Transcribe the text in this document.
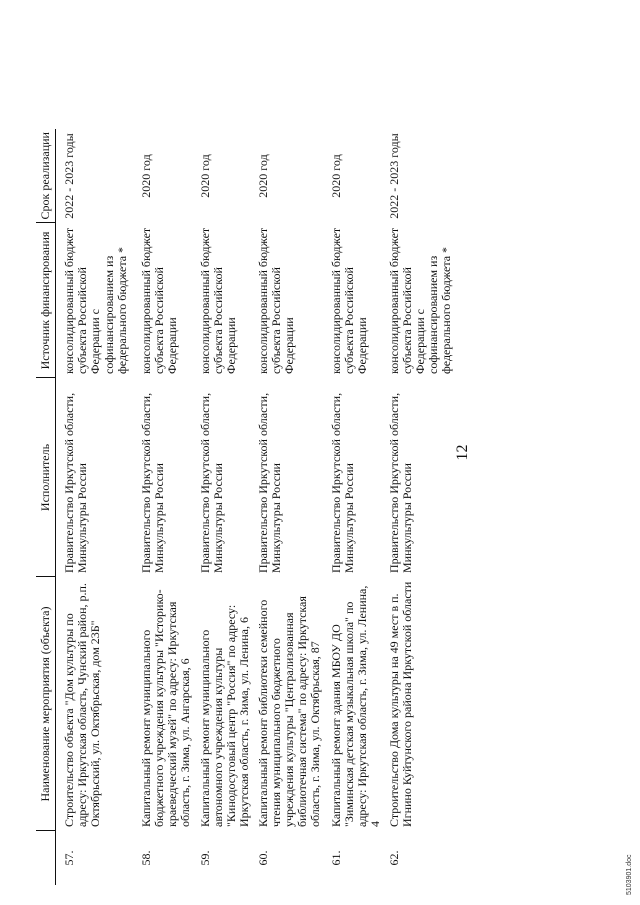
12
	Наименование мероприятия (объекта)	Исполнитель	Источник финансирования	Срок реализации
57.	Строительство объекта "Дом культуры по адресу: Иркутская область, Чунский район, р.п. Октябрьский, ул. Октябрьская, дом 23Б"	Правительство Иркутской области, Минкультуры России	консолидированный бюджет субъекта Российской Федерации с софинансированием из федерального бюджета *	2022 - 2023 годы
58.	Капитальный ремонт муниципального бюджетного учреждения культуры "Историко-краеведческий музей" по адресу: Иркутская область, г. Зима, ул. Ангарская, 6	Правительство Иркутской области, Минкультуры России	консолидированный бюджет субъекта Российской Федерации	2020 год
59.	Капитальный ремонт муниципального автономного учреждения культуры "Кинодосуговый центр "Россия" по адресу: Иркутская область, г. Зима, ул. Ленина, 6	Правительство Иркутской области, Минкультуры России	консолидированный бюджет субъекта Российской Федерации	2020 год
60.	Капитальный ремонт библиотеки семейного чтения муниципального бюджетного учреждения культуры "Централизованная библиотечная система" по адресу: Иркутская область, г. Зима, ул. Октябрьская, 87	Правительство Иркутской области, Минкультуры России	консолидированный бюджет субъекта Российской Федерации	2020 год
61.	Капитальный ремонт здания МБОУ ДО "Зиминская детская музыкальная школа" по адресу: Иркутская область, г. Зима, ул. Ленина, 4	Правительство Иркутской области, Минкультуры России	консолидированный бюджет субъекта Российской Федерации	2020 год
62.	Строительство Дома культуры на 49 мест в п. Игнино Куйтунского района Иркутской области	Правительство Иркутской области, Минкультуры России	консолидированный бюджет субъекта Российской Федерации с софинансированием из федерального бюджета *	2022 - 2023 годы
5103901.doc
